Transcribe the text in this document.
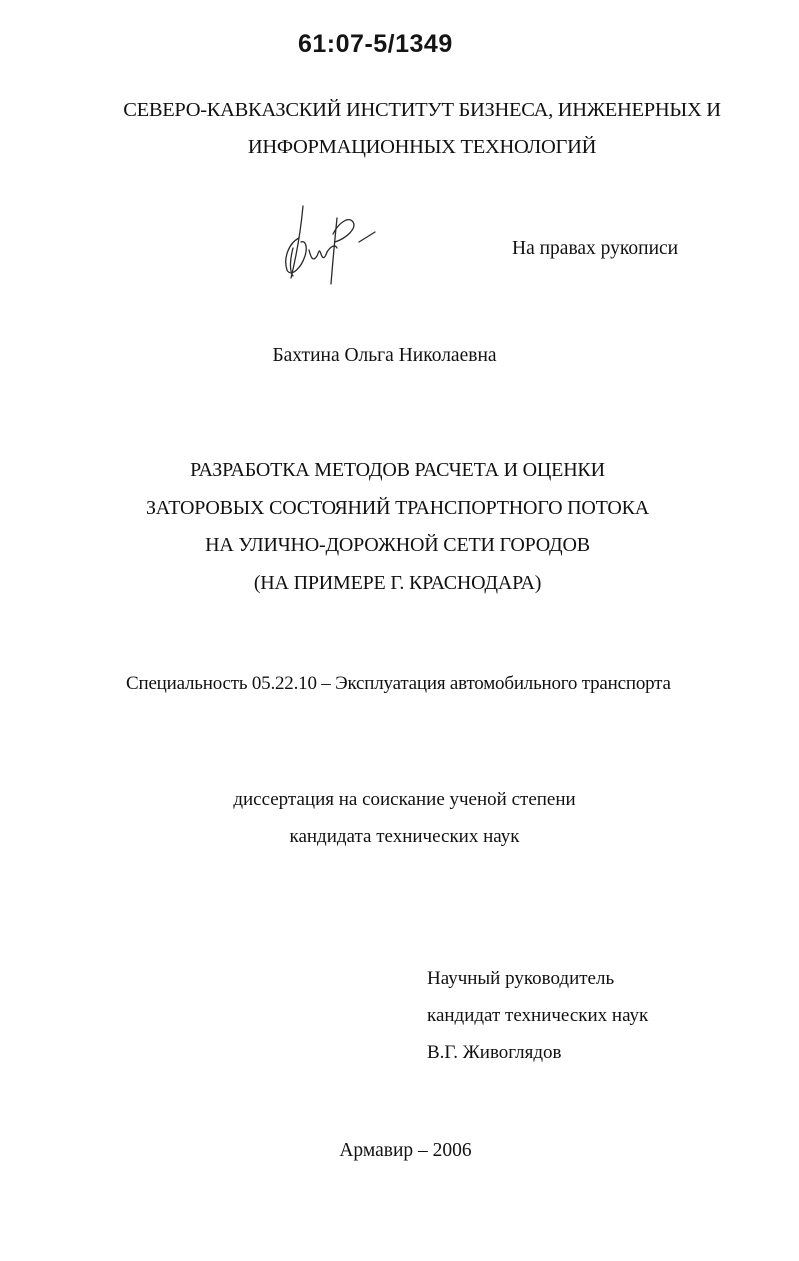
61:07-5/1349
СЕВЕРО-КАВКАЗСКИЙ ИНСТИТУТ БИЗНЕСА, ИНЖЕНЕРНЫХ И
ИНФОРМАЦИОННЫХ ТЕХНОЛОГИЙ
На правах рукописи
Бахтина Ольга Николаевна
РАЗРАБОТКА МЕТОДОВ РАСЧЕТА И ОЦЕНКИ
ЗАТОРОВЫХ СОСТОЯНИЙ ТРАНСПОРТНОГО ПОТОКА
НА УЛИЧНО-ДОРОЖНОЙ СЕТИ ГОРОДОВ
(НА ПРИМЕРЕ Г. КРАСНОДАРА)
Специальность 05.22.10 – Эксплуатация автомобильного транспорта
диссертация на соискание ученой степени
кандидата технических наук
Научный руководитель
кандидат технических наук
В.Г. Живоглядов
Армавир – 2006
